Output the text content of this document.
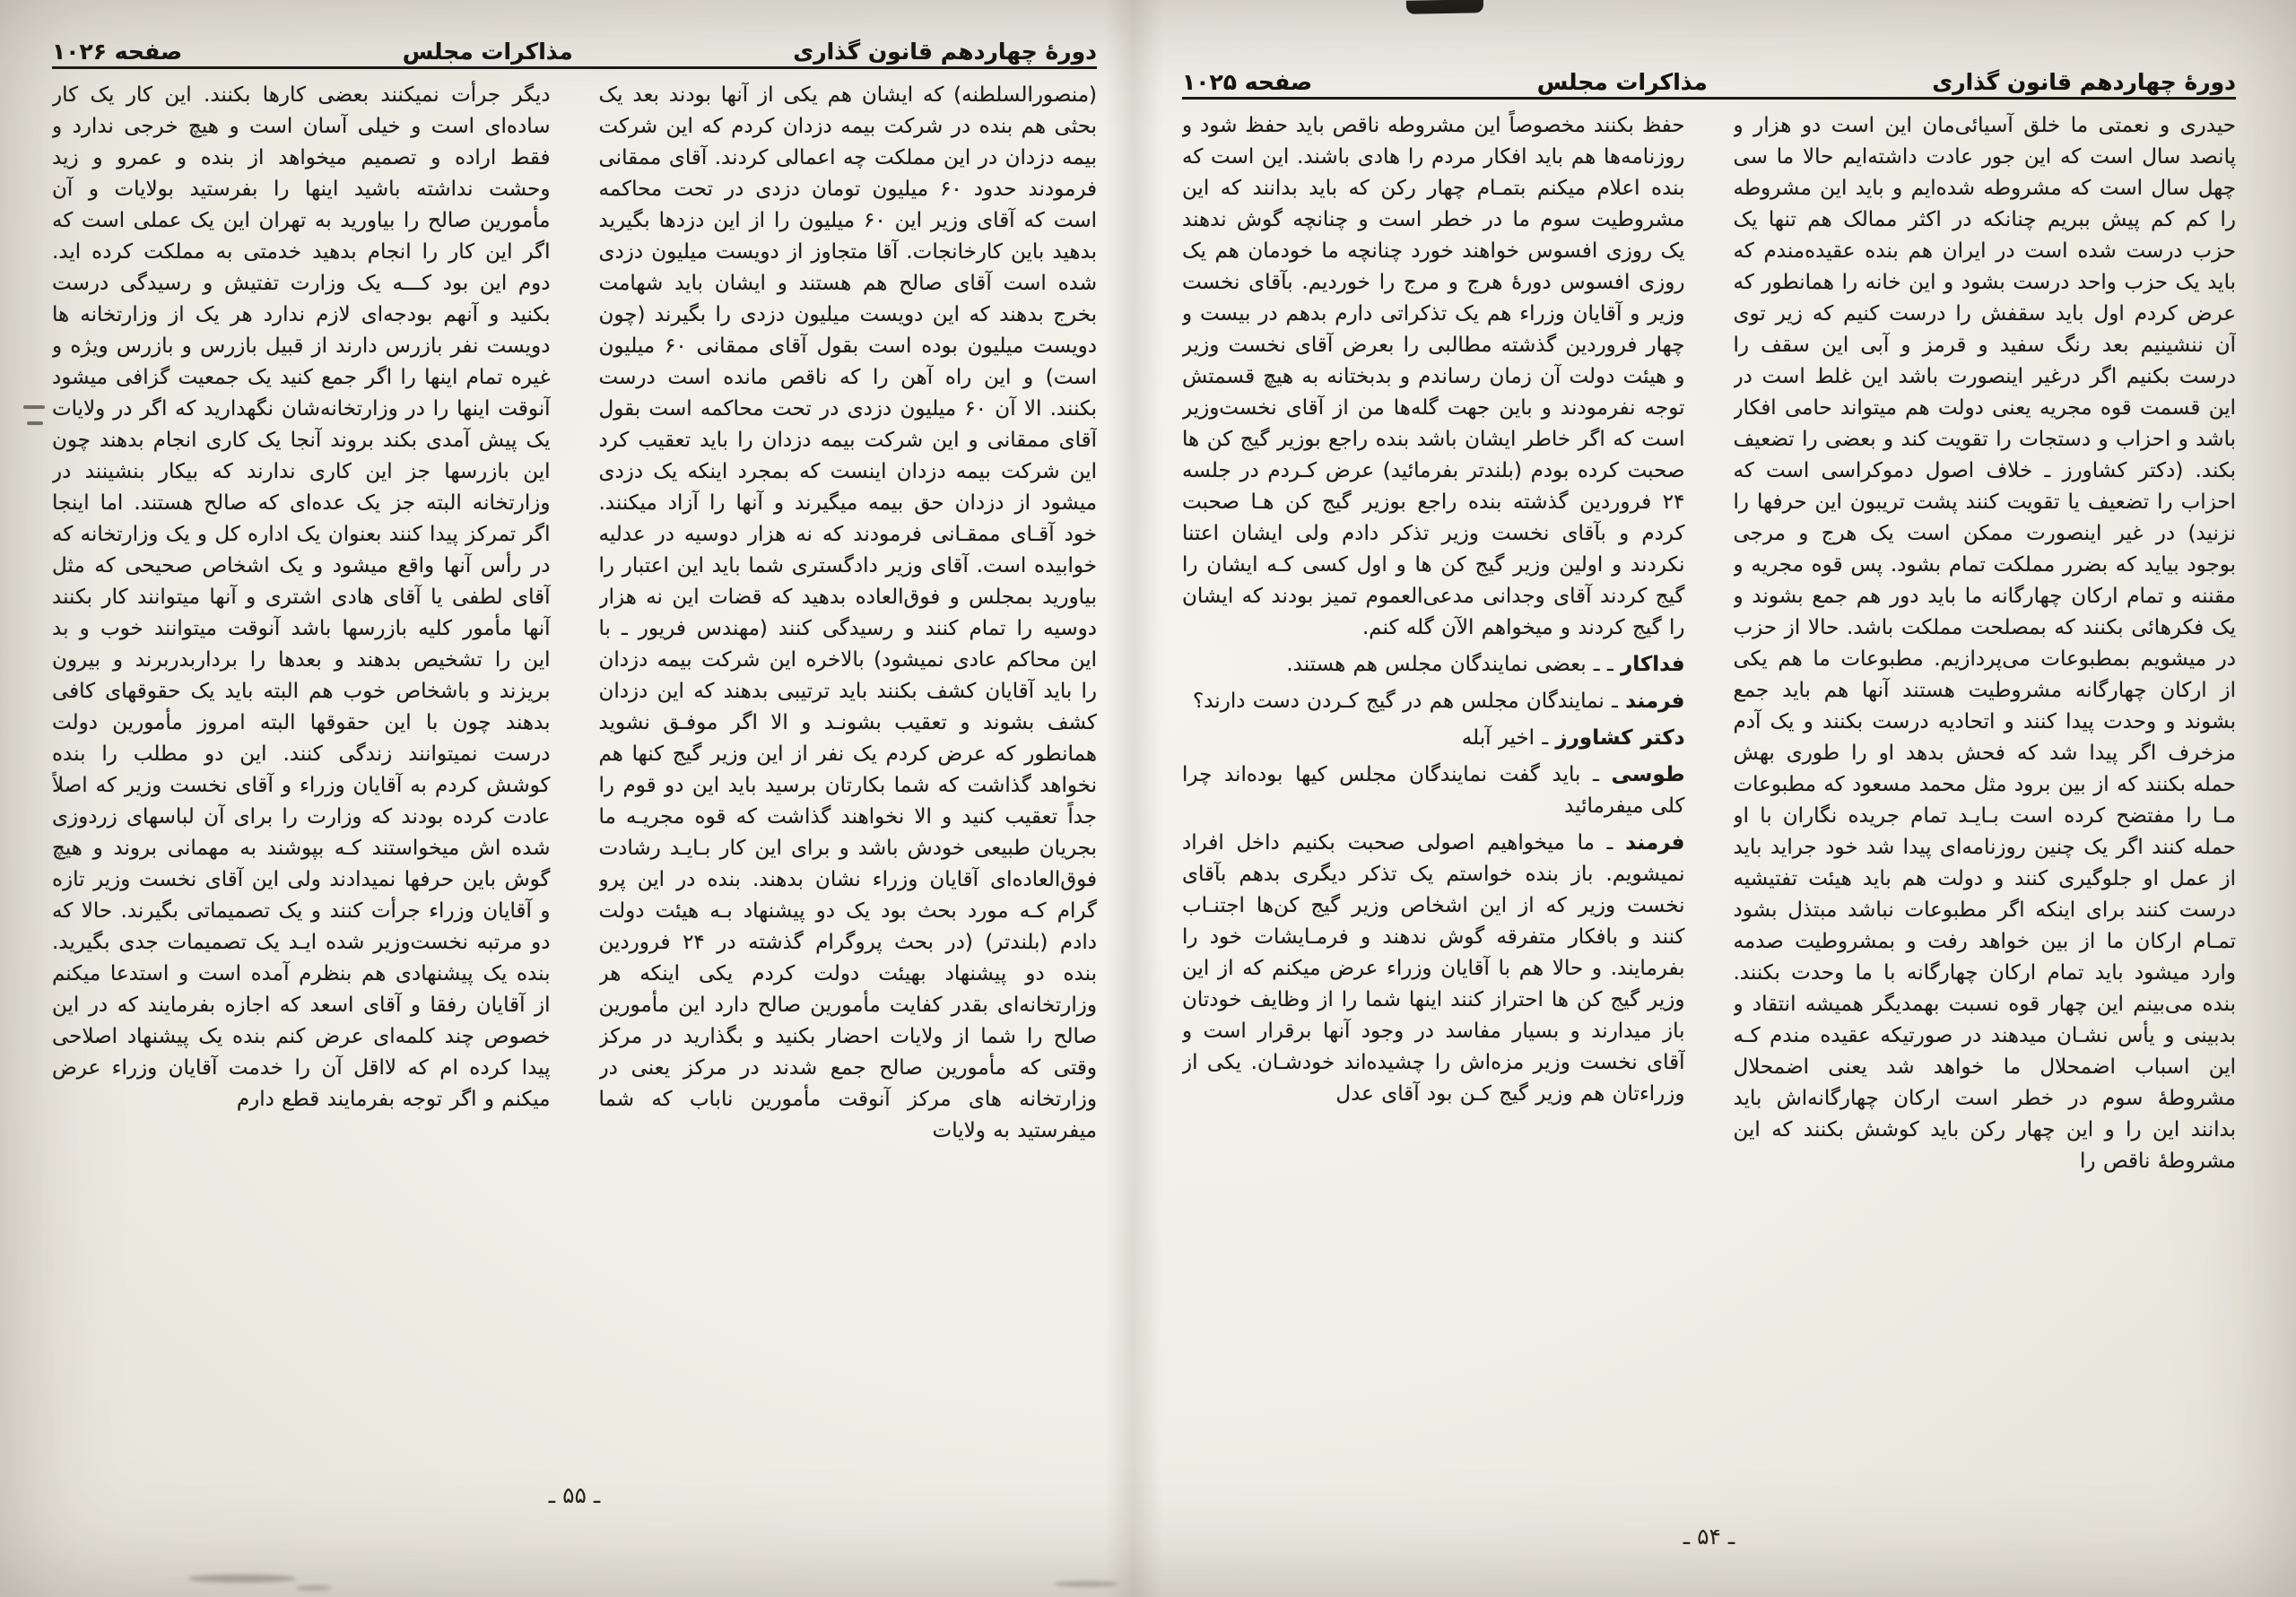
دورهٔ چهاردهم قانون گذاری
مذاکرات مجلس
صفحه ۱۰۲۶

(منصورالسلطنه) که ایشان هم یکی از آنها بودند بعد یک بحثی هم بنده در شرکت بیمه دزدان کردم که این شرکت بیمه دزدان در این مملکت چه اعمالی کردند. آقای ممقانی فرمودند حدود ۶۰ میلیون تومان دزدی در تحت محاکمه است که آقای وزیر این ۶۰ میلیون را از این دزدها بگیرید بدهید باین کارخانجات. آقا متجاوز از دویست میلیون دزدی شده است آقای صالح هم هستند و ایشان باید شهامت بخرج بدهند که این دویست میلیون دزدی را بگیرند (چون دویست میلیون بوده است بقول آقای ممقانی ۶۰ میلیون است) و این راه آهن را که ناقص مانده است درست بکنند. الا آن ۶۰ میلیون دزدی در تحت محاکمه است بقول آقای ممقانی و این شرکت بیمه دزدان را باید تعقیب کرد این شرکت بیمه دزدان اینست که بمجرد اینکه یک دزدی میشود از دزدان حق بیمه میگیرند و آنها را آزاد میکنند. خود آقـای ممقـانی فرمودند که نه هزار دوسیه در عدلیه خوابیده است. آقای وزیر دادگستری شما باید این اعتبار را بیاورید بمجلس و فوق‌العاده بدهید که قضات این نه هزار دوسیه را تمام کنند و رسیدگی کنند (مهندس فریور ـ با این محاکم عادی نمیشود) بالاخره این شرکت بیمه دزدان را باید آقایان کشف بکنند باید ترتیبی بدهند که این دزدان کشف بشوند و تعقیب بشونـد و الا اگر موفـق نشوید همانطور که عرض کردم یک نفر از این وزیر گیج کنها هم نخواهد گذاشت که شما بکارتان برسید باید این دو قوم را جداً تعقیب کنید و الا نخواهند گذاشت که قوه مجریـه ما بجریان طبیعی خودش باشد و برای این کار بـایـد رشادت فوق‌العاده‌ای آقایان وزراء نشان بدهند. بنده در این پرو گرام کـه مورد بحث بود یک دو پیشنهاد بـه هیئت دولت دادم (بلندتر) (در بحث پروگرام گذشته در ۲۴ فروردین بنده دو پیشنهاد بهیئت دولت کردم یکی اینکه هر وزارتخانه‌ای بقدر کفایت مأمورین صالح دارد این مأمورین صالح را شما از ولایات احضار بکنید و بگذارید در مرکز وقتی که مأمورین صالح جمع شدند در مرکز یعنی در وزارتخانه های مرکز آنوقت مأمورین ناباب که شما میفرستید به ولایات

دیگر جرأت نمیکنند بعضی کارها بکنند. این کار یک کار ساده‌ای است و خیلی آسان است و هیچ خرجی ندارد و فقط اراده و تصمیم میخواهد از بنده و عمرو و زید وحشت نداشته باشید اینها را بفرستید بولایات و آن مأمورین صالح را بیاورید به تهران این یک عملی است که اگر این کار را انجام بدهید خدمتی به مملکت کرده اید. دوم این بود کـــه یک وزارت تفتیش و رسیدگی درست بکنید و آنهم بودجه‌ای لازم ندارد هر یک از وزارتخانه ها دویست نفر بازرس دارند از قبیل بازرس و بازرس ویژه و غیره تمام اینها را اگر جمع کنید یک جمعیت گزافی میشود آنوقت اینها را در وزارتخانه‌شان نگهدارید که اگر در ولایات یک پیش آمدی بکند بروند آنجا یک کاری انجام بدهند چون این بازرسها جز این کاری ندارند که بیکار بنشینند در وزارتخانه البته جز یک عده‌ای که صالح هستند. اما اینجا اگر تمرکز پیدا کنند بعنوان یک اداره کل و یک وزارتخانه که در رأس آنها واقع میشود و یک اشخاص صحیحی که مثل آقای لطفی یا آقای هادی اشتری و آنها میتوانند کار بکنند آنها مأمور کلیه بازرسها باشد آنوقت میتوانند خوب و بد این را تشخیص بدهند و بعدها را برداربدربرند و بیرون بریزند و باشخاص خوب هم البته باید یک حقوقهای کافی بدهند چون با این حقوقها البته امروز مأمورین دولت درست نمیتوانند زندگی کنند. این دو مطلب را بنده کوشش کردم به آقایان وزراء و آقای نخست وزیر که اصلاً عادت کرده بودند که وزارت را برای آن لباسهای زردوزی شده اش میخواستند کـه بپوشند به مهمانی بروند و هیچ گوش باین حرفها نمیدادند ولی این آقای نخست وزیر تازه و آقایان وزراء جرأت کنند و یک تصمیماتی بگیرند. حالا که دو مرتبه نخست‌وزیر شده ایـد یک تصمیمات جدی بگیرید. بنده یک پیشنهادی هم بنظرم آمده است و استدعا میکنم از آقایان رفقا و آقای اسعد که اجازه بفرمایند که در این خصوص چند کلمه‌ای عرض کنم بنده یک پیشنهاد اصلاحی پیدا کرده ام که لااقل آن را خدمت آقایان وزراء عرض میکنم و اگر توجه بفرمایند قطع دارم

ـ ۵۵ ـ
دورهٔ چهاردهم قانون گذاری
مذاکرات مجلس
صفحه ۱۰۲۵

حیدری و نعمتی ما خلق آسیائی‌مان این است دو هزار و پانصد سال است که این جور عادت داشته‌ایم حالا ما سی چهل سال است که مشروطه شده‌ایم و باید این مشروطه را کم کم پیش ببریم چنانکه در اکثر ممالک هم تنها یک حزب درست شده است در ایران هم بنده عقیده‌مندم که باید یک حزب واحد درست بشود و این خانه را همانطور که عرض کردم اول باید سقفش را درست کنیم که زیر توی آن ننشینیم بعد رنگ سفید و قرمز و آبی این سقف را درست بکنیم اگر درغیر اینصورت باشد این غلط است در این قسمت قوه مجریه یعنی دولت هم میتواند حامی افکار باشد و احزاب و دستجات را تقویت کند و بعضی را تضعیف بکند. (دکتر کشاورز ـ خلاف اصول دموکراسی است که احزاب را تضعیف یا تقویت کنند پشت تریبون این حرفها را نزنید) در غیر اینصورت ممکن است یک هرج و مرجی بوجود بیاید که بضرر مملکت تمام بشود. پس قوه مجریه و مقننه و تمام ارکان چهارگانه ما باید دور هم جمع بشوند و یک فکرهائی بکنند که بمصلحت مملکت باشد. حالا از حزب در میشویم بمطبوعات می‌پردازیم. مطبوعات ما هم یکی از ارکان چهارگانه مشروطیت هستند آنها هم باید جمع بشوند و وحدت پیدا کنند و اتحادیه درست بکنند و یک آدم مزخرف اگر پیدا شد که فحش بدهد او را طوری بهش حمله بکنند که از بین برود مثل محمد مسعود که مطبوعات مـا را مفتضح کرده است بـایـد تمام جریده نگاران با او حمله کنند اگر یک چنین روزنامه‌ای پیدا شد خود جراید باید از عمل او جلوگیری کنند و دولت هم باید هیئت تفتیشیه درست کنند برای اینکه اگر مطبوعات نباشد مبتذل بشود تمـام ارکان ما از بین خواهد رفت و بمشروطیت صدمه وارد میشود باید تمام ارکان چهارگانه با ما وحدت بکنند. بنده می‌بینم این چهار قوه نسبت بهمدیگر همیشه انتقاد و بدبینی و یأس نشـان میدهند در صورتیکه عقیده مندم کـه این اسباب اضمحلال ما خواهد شد یعنی اضمحلال مشروطهٔ سوم در خطر است ارکان چهارگانه‌اش باید بدانند این را و این چهار رکن باید کوشش بکنند که این مشروطهٔ ناقص را

حفظ بکنند مخصوصاً این مشروطه ناقص باید حفظ شود و روزنامه‌ها هم باید افکار مردم را هادی باشند. این است که بنده اعلام میکنم بتمـام چهار رکن که باید بدانند که این مشروطیت سوم ما در خطر است و چنانچه گوش ندهند یک روزی افسوس خواهند خورد چنانچه ما خودمان هم یک روزی افسوس دورهٔ هرج و مرج را خوردیم. بآقای نخست وزیر و آقایان وزراء هم یک تذکراتی دارم بدهم در بیست و چهار فروردین گذشته مطالبی را بعرض آقای نخست وزیر و هیئت دولت آن زمان رساندم و بدبختانه به هیچ قسمتش توجه نفرمودند و باین جهت گله‌ها من از آقای نخست‌وزیر است که اگر خاطر ایشان باشد بنده راجع بوزیر گیج کن ها صحبت کرده بودم (بلندتر بفرمائید) عرض کـردم در جلسه ۲۴ فروردین گذشته بنده راجع بوزیر گیج کن هـا صحبت کردم و بآقای نخست وزیر تذکر دادم ولی ایشان اعتنا نکردند و اولین وزیر گیج کن ها و اول کسی کـه ایشان را گیج کردند آقای وجدانی مدعی‌العموم تمیز بودند که ایشان را گیج کردند و میخواهم الآن گله کنم.

فداکار ـ ـ بعضی نمایندگان مجلس هم هستند.

فرمند ـ نمایندگان مجلس هم در گیج کـردن دست دارند؟

دکتر کشاورز ـ اخیر آبله

طوسی ـ باید گفت نمایندگان مجلس کیها بوده‌اند چرا کلی میفرمائید

فرمند ـ ما میخواهیم اصولی صحبت بکنیم داخل افراد نمیشویم. باز بنده خواستم یک تذکر دیگری بدهم بآقای نخست وزیر که از این اشخاص وزیر گیج کن‌ها اجتنـاب کنند و بافکار متفرقه گوش ندهند و فرمـایشات خود را بفرمایند. و حالا هم با آقایان وزراء عرض میکنم که از این وزیر گیج کن ها احتراز کنند اینها شما را از وظایف خودتان باز میدارند و بسیار مفاسد در وجود آنها برقرار است و آقای نخست وزیر مزه‌اش را چشیده‌اند خودشـان. یکی از وزراء‌تان هم وزیر گیج کـن بود آقای عدل

ـ ۵۴ ـ
